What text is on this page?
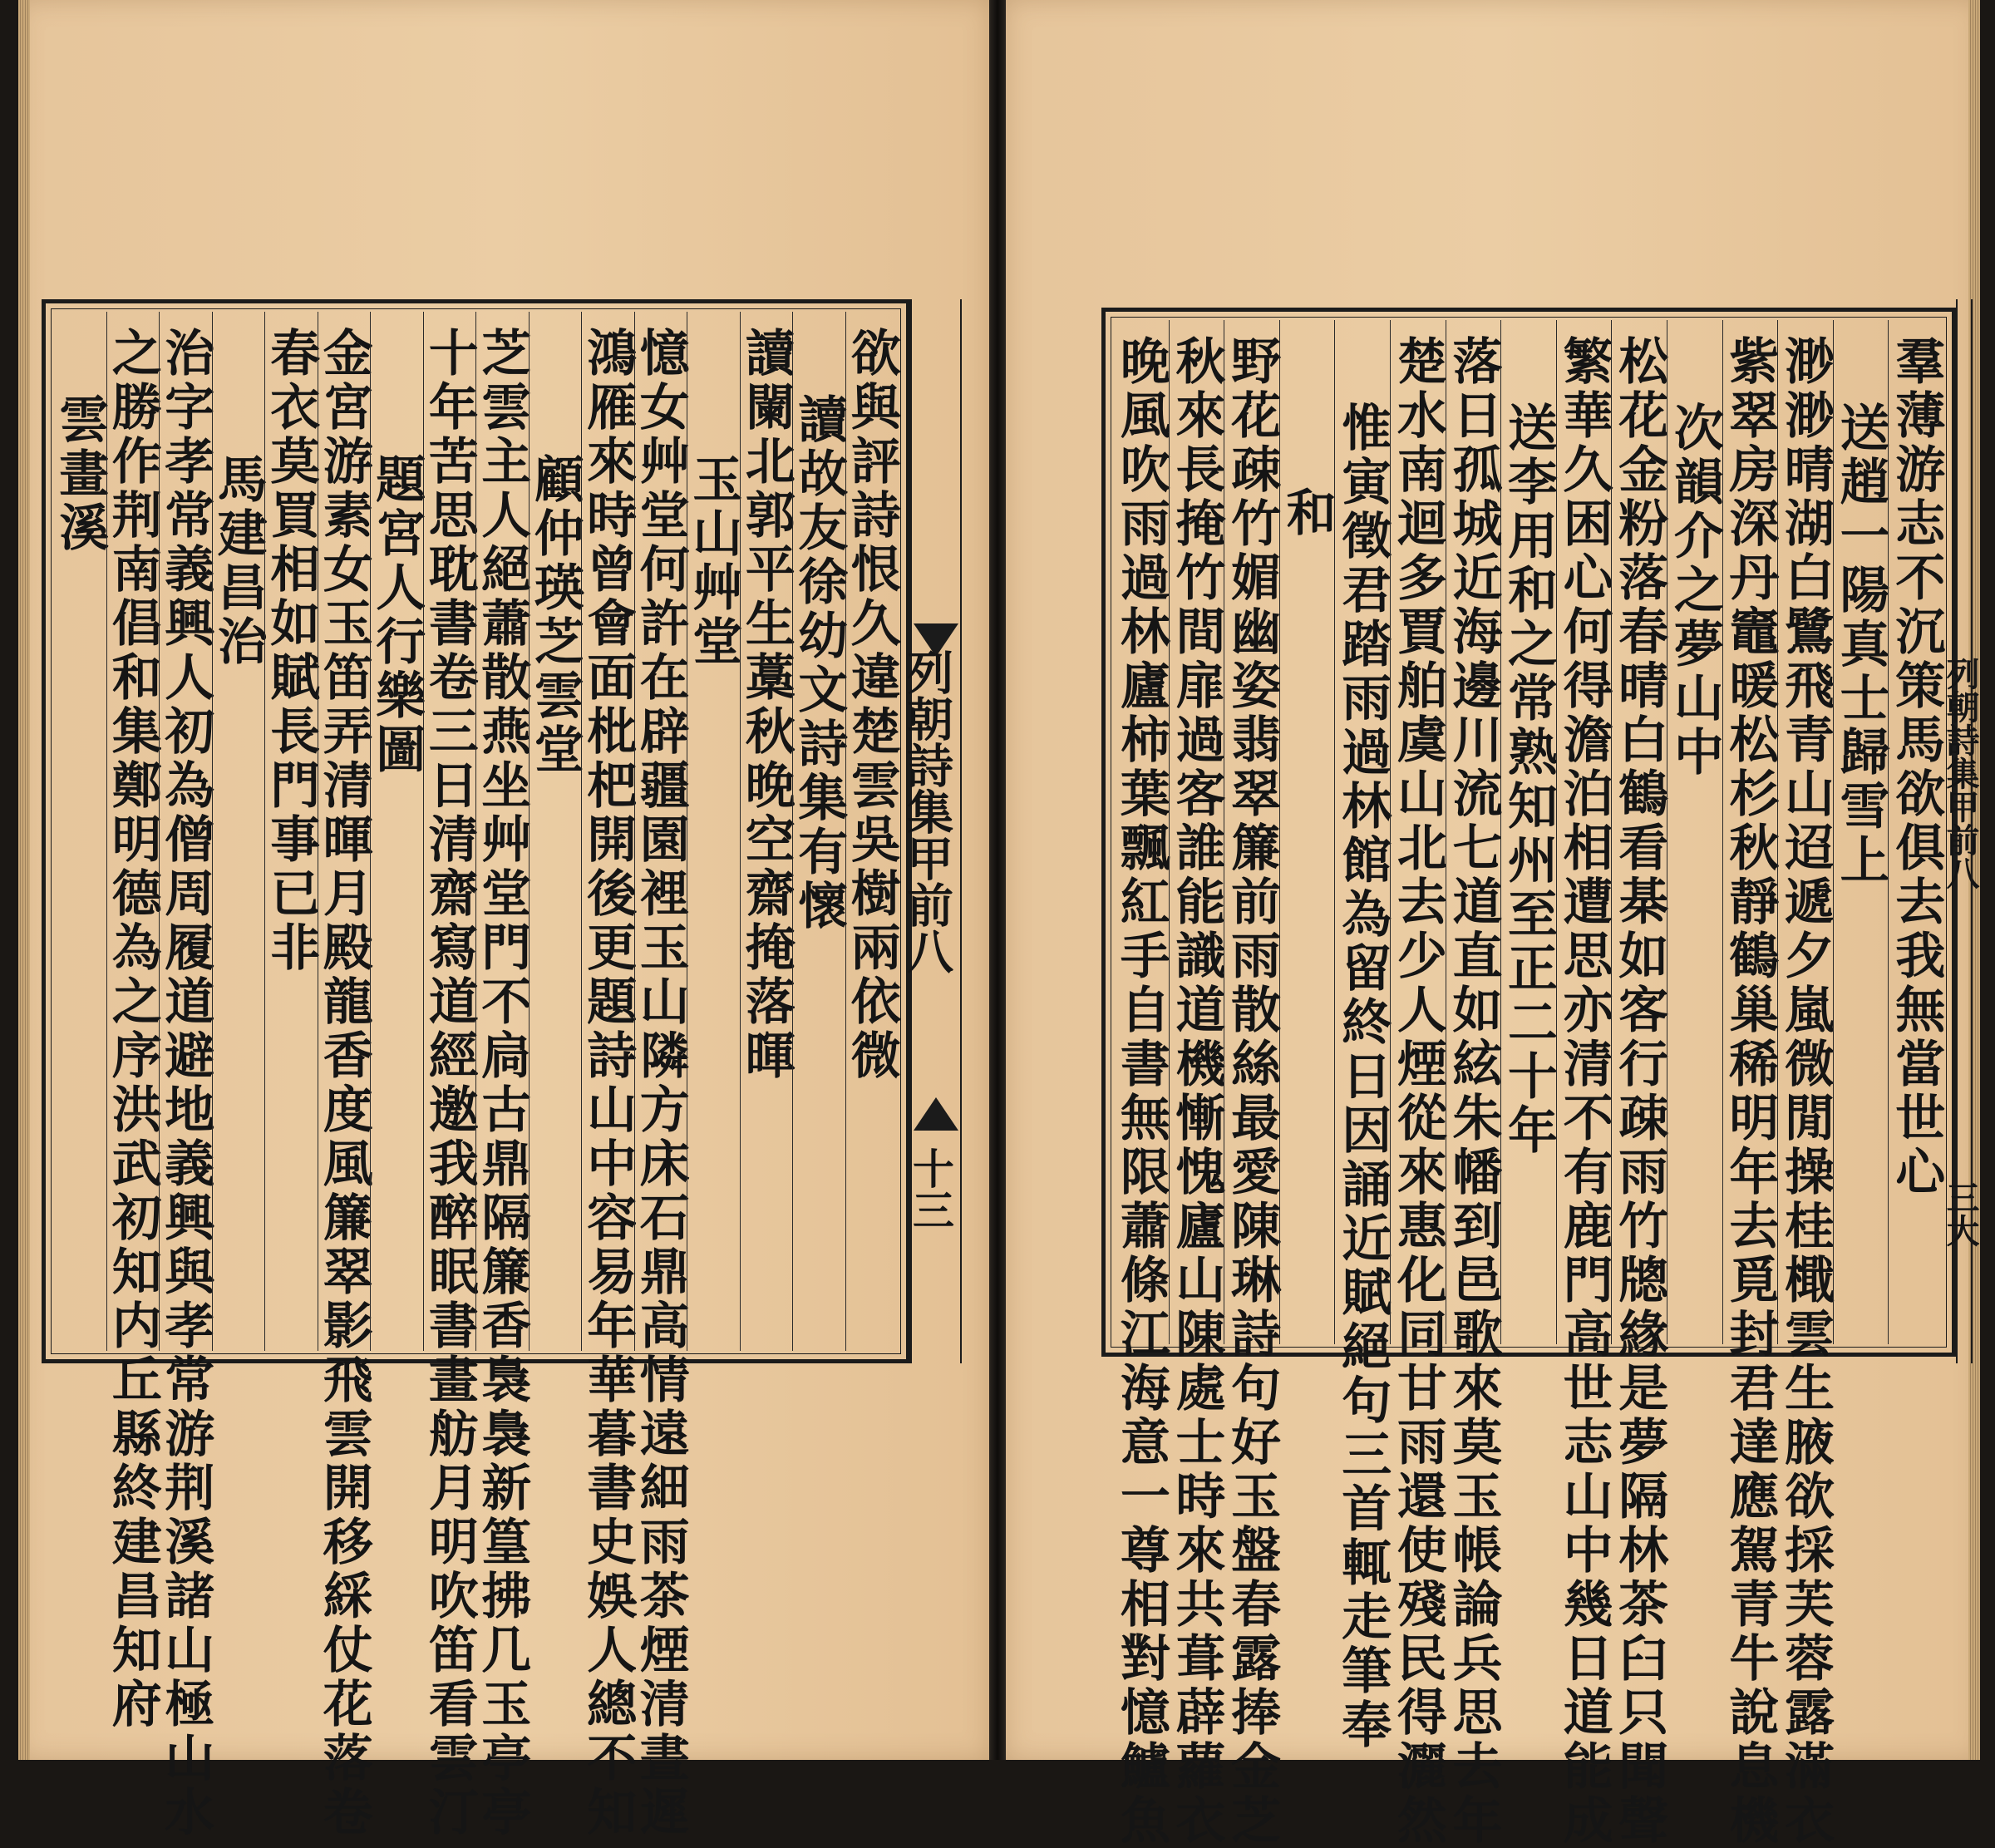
欲與評詩恨久違楚雲吳樹兩依微
讀故友徐幼文詩集有懷
讀闌北郭平生藁秋晚空齋掩落暉
玉山艸堂
憶女艸堂何許在辟疆園裡玉山隣方床石鼎高情遠細雨茶煙清晝遲
鴻雁來時曾會面枇杷開後更題詩山中容易年華暮書史娛人總不知
顧仲瑛芝雲堂
芝雲主人絕蕭散燕坐艸堂門不扃古鼎隔簾香裊裊新篁拂几玉亭亭
十年苦思耽書卷三日清齋寫道經邀我醉眠書畫舫月明吹笛看雲汀
題宮人行樂圖
金宮游素女玉笛弄清暉月殿龍香度風簾翠影飛雲開移綵仗花落卷
春衣莫買相如賦長門事已非
馬建昌治
治字孝常義興人初為僧周履道避地義興與孝常游荆溪諸山極山水
之勝作荆南倡和集鄭明德為之序洪武初知内丘縣終建昌知府
雲畫溪
列朝詩集甲前八
十三	羣薄游志不沉策馬欲俱去我無當世心
送趙一陽真士歸雪上
渺渺晴湖白鷺飛青山迢遞夕嵐微閒操桂檝雲生腋欲採芙蓉露滿衣
紫翠房深丹竈暖松杉秋靜鶴巢稀明年去覓封君達應駕青牛說息機
次韻介之夢山中
松花金粉落春晴白鶴看棊如客行疎雨竹牕緣是夢隔林茶臼只聞聲
繁華久困心何得澹泊相遭思亦清不有鹿門高世志山中幾日道能成
送李用和之常熟知州至正二十年
落日孤城近海邊川流七道直如絃朱幡到邑歌來莫玉帳論兵思去年
楚水南迴多賈舶虞山北去少人煙從來惠化同甘雨還使殘民得灑然
惟寅徵君踏雨過林館為留終日因誦近賦絕句三首輒走筆奉
和
野花疎竹媚幽姿翡翠簾前雨散絲最愛陳琳詩句好玉盤春露捧金芝
秋來長掩竹間扉過客誰能識道機慚愧廬山陳處士時來共葺薜蘿衣
晚風吹雨過林廬柿葉飄紅手自書無限蕭條江海意一尊相對憶鱸魚	列朝詩集甲前八
三大
